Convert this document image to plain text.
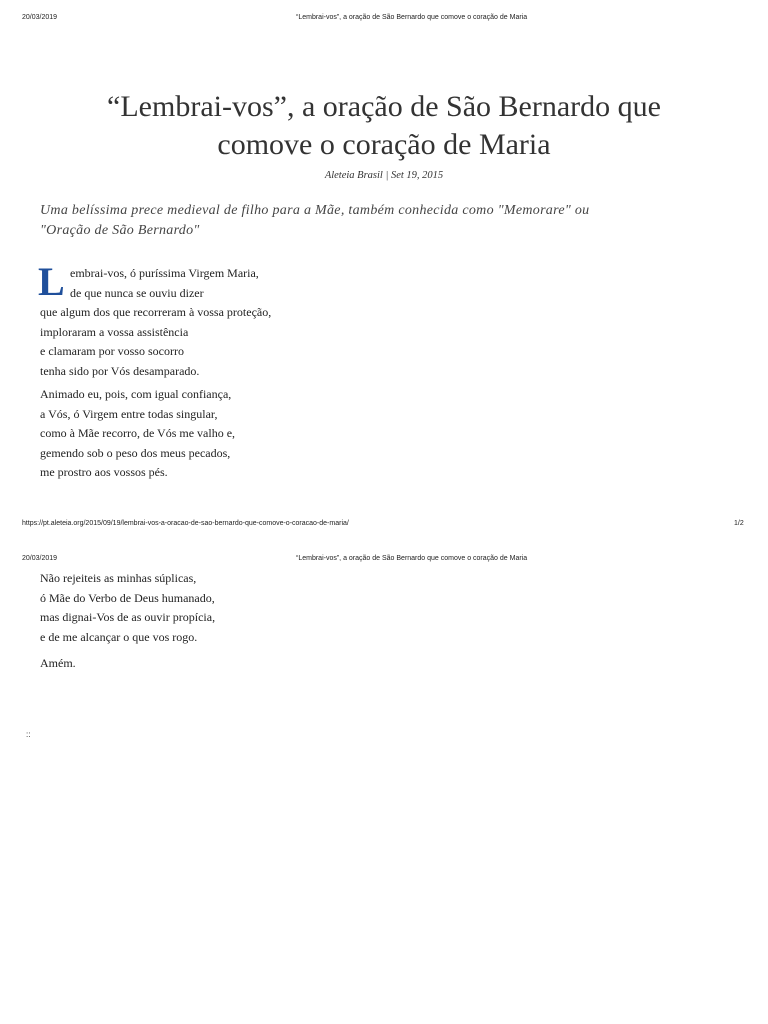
20/03/2019	“Lembrai-vos”, a oração de São Bernardo que comove o coração de Maria
“Lembrai-vos”, a oração de São Bernardo que
comove o coração de Maria
Aleteia Brasil | Set 19, 2015
Uma belíssima prece medieval de filho para a Mãe, também conhecida como "Memorare" ou
"Oração de São Bernardo"
L embrai-vos, ó puríssima Virgem Maria,
de que nunca se ouviu dizer
que algum dos que recorreram à vossa proteção,
imploraram a vossa assistência
e clamaram por vosso socorro
tenha sido por Vós desamparado.
Animado eu, pois, com igual confiança,
a Vós, ó Virgem entre todas singular,
como à Mãe recorro, de Vós me valho e,
gemendo sob o peso dos meus pecados,
me prostro aos vossos pés.
https://pt.aleteia.org/2015/09/19/lembrai-vos-a-oracao-de-sao-bernardo-que-comove-o-coracao-de-maria/	1/2
20/03/2019	“Lembrai-vos”, a oração de São Bernardo que comove o coração de Maria
Não rejeiteis as minhas súplicas,
ó Mãe do Verbo de Deus humanado,
mas dignai-Vos de as ouvir propícia,
e de me alcançar o que vos rogo.
Amém.
::
